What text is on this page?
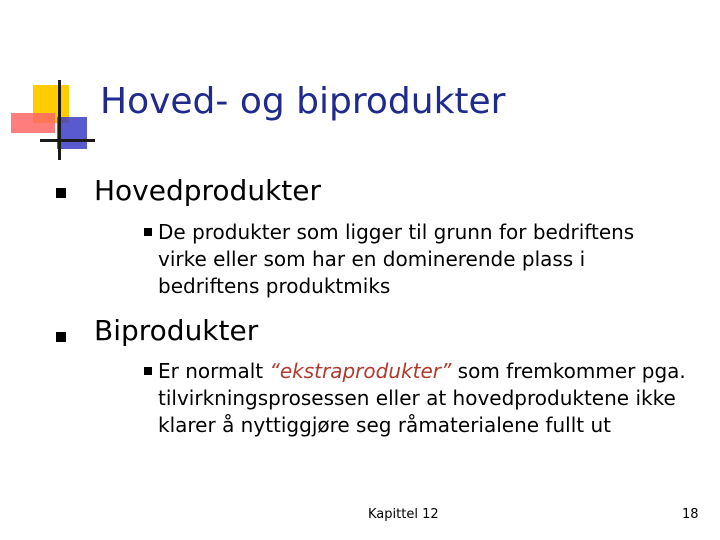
Hoved- og biprodukter
Hovedprodukter
De produkter som ligger til grunn for bedriftens
virke eller som har en dominerende plass i
bedriftens produktmiks
Biprodukter
Er normalt “ekstraprodukter” som fremkommer pga.
tilvirkningsprosessen eller at hovedproduktene ikke
klarer å nyttiggjøre seg råmaterialene fullt ut
Kapittel 12	18
